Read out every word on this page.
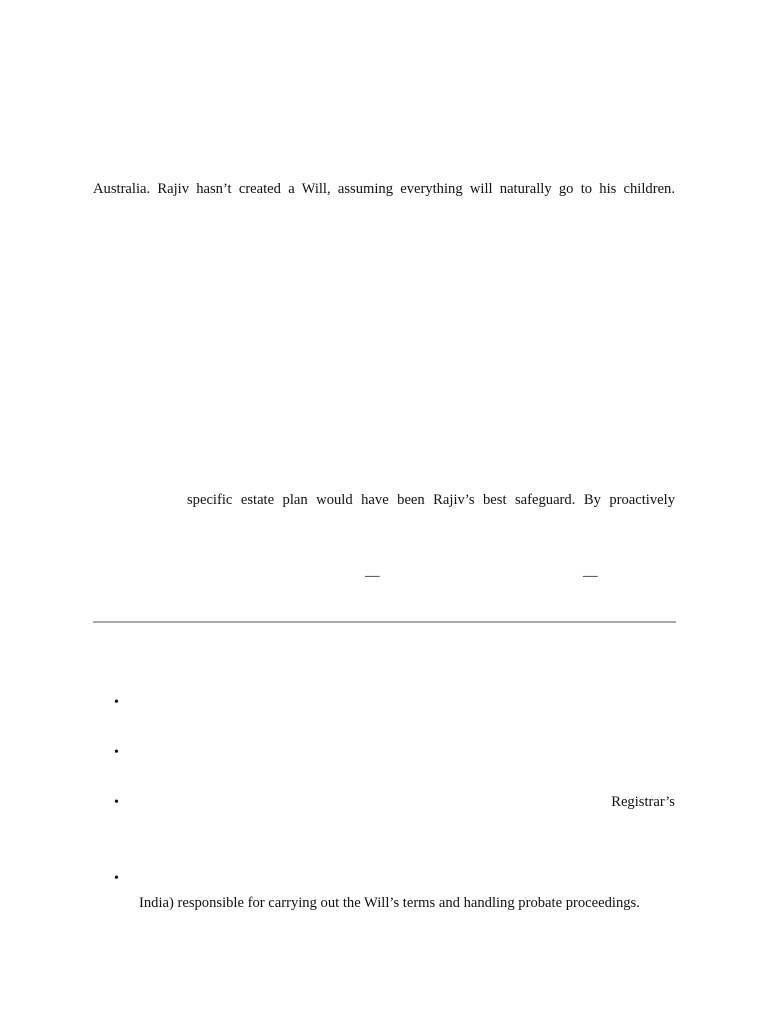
Australia. Rajiv hasn’t created a Will, assuming everything will naturally go to his children.
specific estate plan would have been Rajiv’s best safeguard. By proactively
—	—
•
•
•	Registrar’s
•
India) responsible for carrying out the Will’s terms and handling probate proceedings.
